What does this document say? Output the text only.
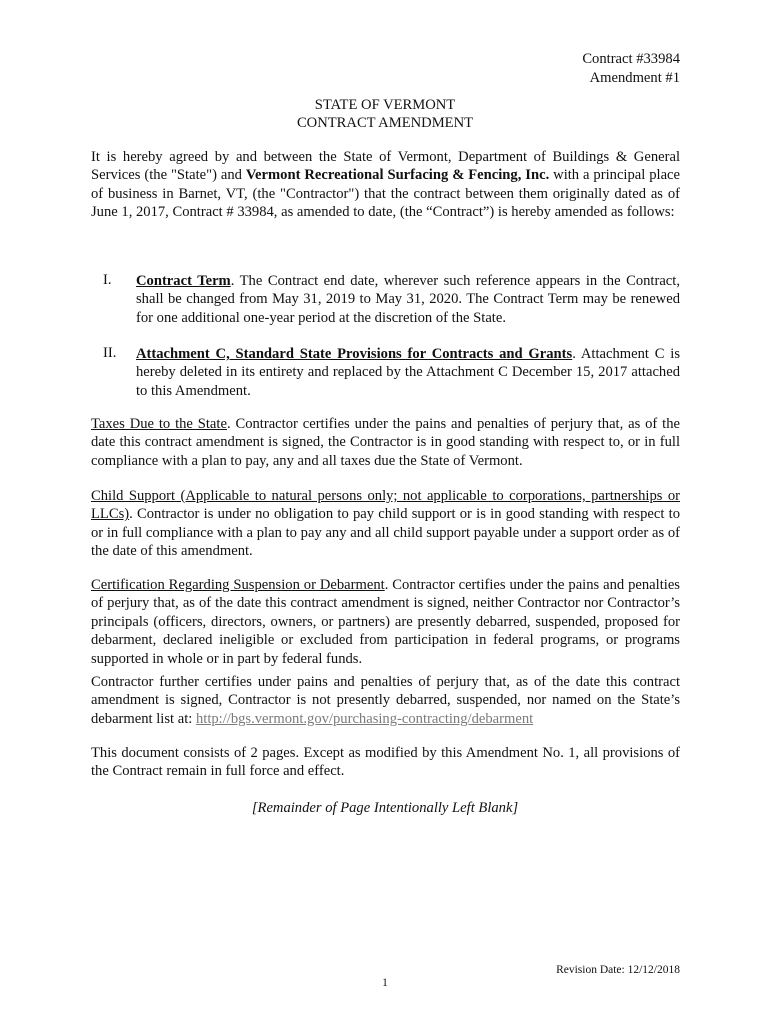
Contract #33984
Amendment #1
STATE OF VERMONT
CONTRACT AMENDMENT

It is hereby agreed by and between the State of Vermont, Department of Buildings & General Services (the "State") and Vermont Recreational Surfacing & Fencing, Inc. with a principal place of business in Barnet, VT, (the "Contractor") that the contract between them originally dated as of June 1, 2017, Contract # 33984, as amended to date, (the “Contract”) is hereby amended as follows:

I. Contract Term. The Contract end date, wherever such reference appears in the Contract, shall be changed from May 31, 2019 to May 31, 2020. The Contract Term may be renewed for one additional one-year period at the discretion of the State.

II. Attachment C, Standard State Provisions for Contracts and Grants. Attachment C is hereby deleted in its entirety and replaced by the Attachment C December 15, 2017 attached to this Amendment.

Taxes Due to the State. Contractor certifies under the pains and penalties of perjury that, as of the date this contract amendment is signed, the Contractor is in good standing with respect to, or in full compliance with a plan to pay, any and all taxes due the State of Vermont.

Child Support (Applicable to natural persons only; not applicable to corporations, partnerships or LLCs). Contractor is under no obligation to pay child support or is in good standing with respect to or in full compliance with a plan to pay any and all child support payable under a support order as of the date of this amendment.

Certification Regarding Suspension or Debarment. Contractor certifies under the pains and penalties of perjury that, as of the date this contract amendment is signed, neither Contractor nor Contractor’s principals (officers, directors, owners, or partners) are presently debarred, suspended, proposed for debarment, declared ineligible or excluded from participation in federal programs, or programs supported in whole or in part by federal funds.

Contractor further certifies under pains and penalties of perjury that, as of the date this contract amendment is signed, Contractor is not presently debarred, suspended, nor named on the State’s debarment list at: http://bgs.vermont.gov/purchasing-contracting/debarment

This document consists of 2 pages. Except as modified by this Amendment No. 1, all provisions of the Contract remain in full force and effect.

[Remainder of Page Intentionally Left Blank]
Revision Date: 12/12/2018
1
